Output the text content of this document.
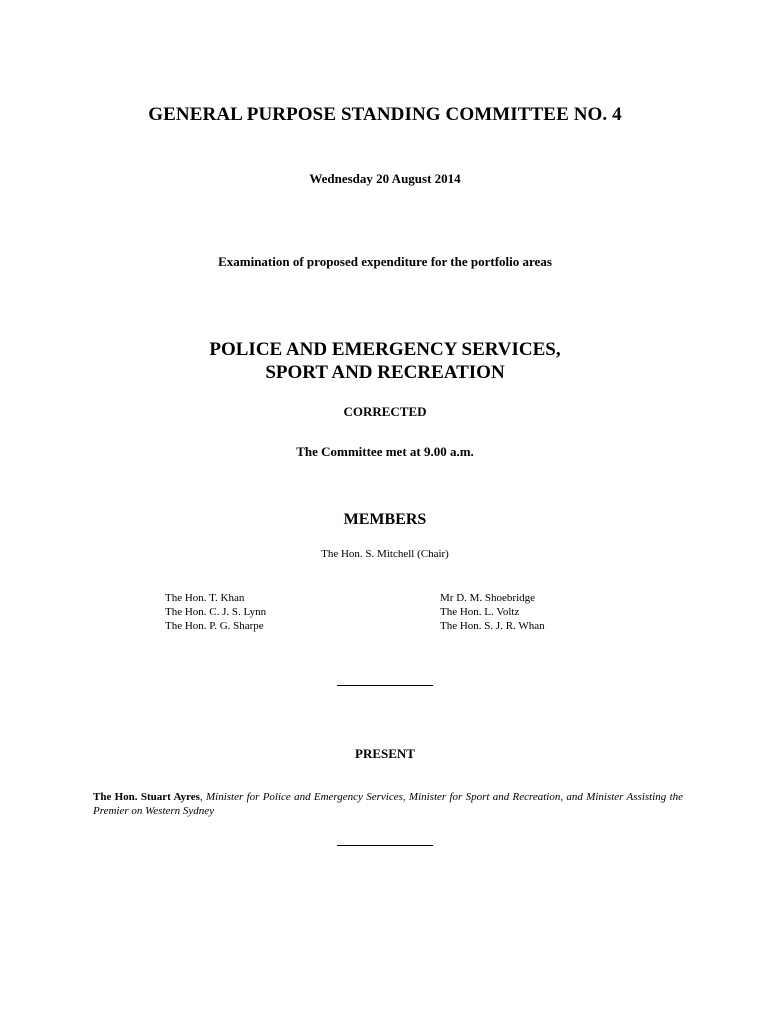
GENERAL PURPOSE STANDING COMMITTEE NO. 4
Wednesday 20 August 2014
Examination of proposed expenditure for the portfolio areas
POLICE AND EMERGENCY SERVICES,
SPORT AND RECREATION
CORRECTED
The Committee met at 9.00 a.m.
MEMBERS
The Hon. S. Mitchell (Chair)
The Hon. T. Khan
The Hon. C. J. S. Lynn
The Hon. P. G. Sharpe
Mr D. M. Shoebridge
The Hon. L. Voltz
The Hon. S. J. R. Whan
PRESENT
The Hon. Stuart Ayres, Minister for Police and Emergency Services, Minister for Sport and Recreation, and Minister Assisting the Premier on Western Sydney
